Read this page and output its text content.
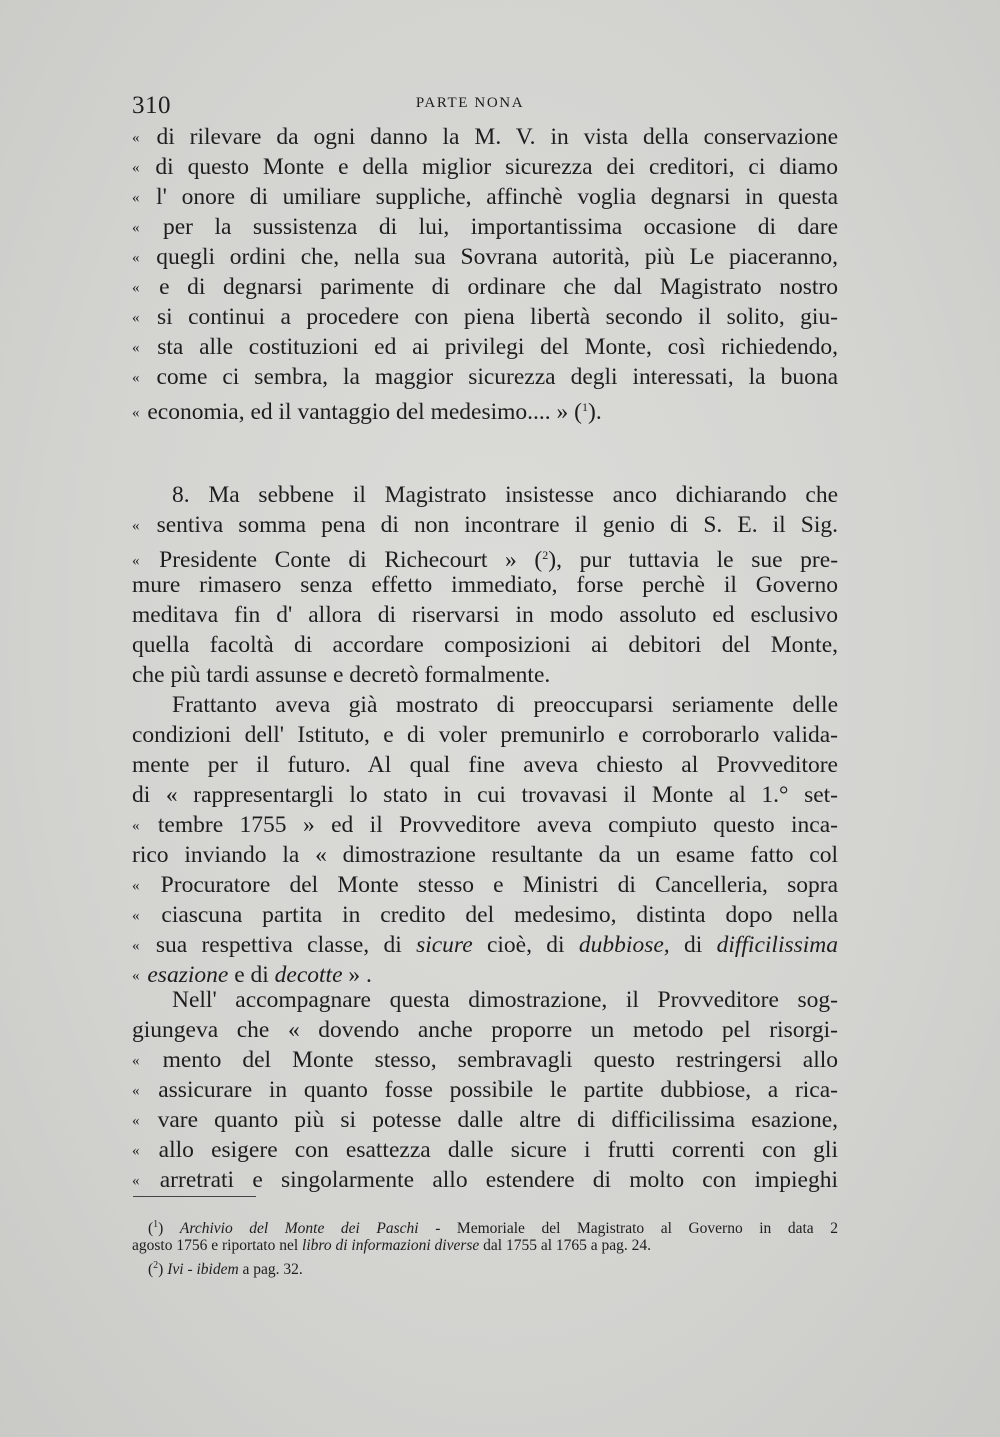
310	PARTE NONA
« di rilevare da ogni danno la M. V. in vista della conservazione
« di questo Monte e della miglior sicurezza dei creditori, ci diamo
« l' onore di umiliare suppliche, affinchè voglia degnarsi in questa
« per la sussistenza di lui, importantissima occasione di dare
« quegli ordini che, nella sua Sovrana autorità, più Le piaceranno,
« e di degnarsi parimente di ordinare che dal Magistrato nostro
« si continui a procedere con piena libertà secondo il solito, giu-
« sta alle costituzioni ed ai privilegi del Monte, così richiedendo,
« come ci sembra, la maggior sicurezza degli interessati, la buona
« economia, ed il vantaggio del medesimo.... » ($^1$).
8. Ma sebbene il Magistrato insistesse anco dichiarando che
« sentiva somma pena di non incontrare il genio di S. E. il Sig.
« Presidente Conte di Richecourt » ($^2$), pur tuttavia le sue pre-
mure rimasero senza effetto immediato, forse perchè il Governo
meditava fin d' allora di riservarsi in modo assoluto ed esclusivo
quella facoltà di accordare composizioni ai debitori del Monte,
che più tardi assunse e decretò formalmente.
Frattanto aveva già mostrato di preoccuparsi seriamente delle
condizioni dell' Istituto, e di voler premunirlo e corroborarlo valida-
mente per il futuro. Al qual fine aveva chiesto al Provveditore
di « rappresentargli lo stato in cui trovavasi il Monte al 1.° set-
« tembre 1755 » ed il Provveditore aveva compiuto questo inca-
rico inviando la « dimostrazione resultante da un esame fatto col
« Procuratore del Monte stesso e Ministri di Cancelleria, sopra
« ciascuna partita in credito del medesimo, distinta dopo nella
« sua respettiva classe, di sicure cioè, di dubbiose, di difficilissima
« esazione e di decotte » .
Nell' accompagnare questa dimostrazione, il Provveditore sog-
giungeva che « dovendo anche proporre un metodo pel risorgi-
« mento del Monte stesso, sembravagli questo restringersi allo
« assicurare in quanto fosse possibile le partite dubbiose, a rica-
« vare quanto più si potesse dalle altre di difficilissima esazione,
« allo esigere con esattezza dalle sicure i frutti correnti con gli
« arretrati e singolarmente allo estendere di molto con impieghi
($^1$) Archivio del Monte dei Paschi - Memoriale del Magistrato al Governo in data 2
agosto 1756 e riportato nel libro di informazioni diverse dal 1755 al 1765 a pag. 24.
($^2$) Ivi - ibidem a pag. 32.
